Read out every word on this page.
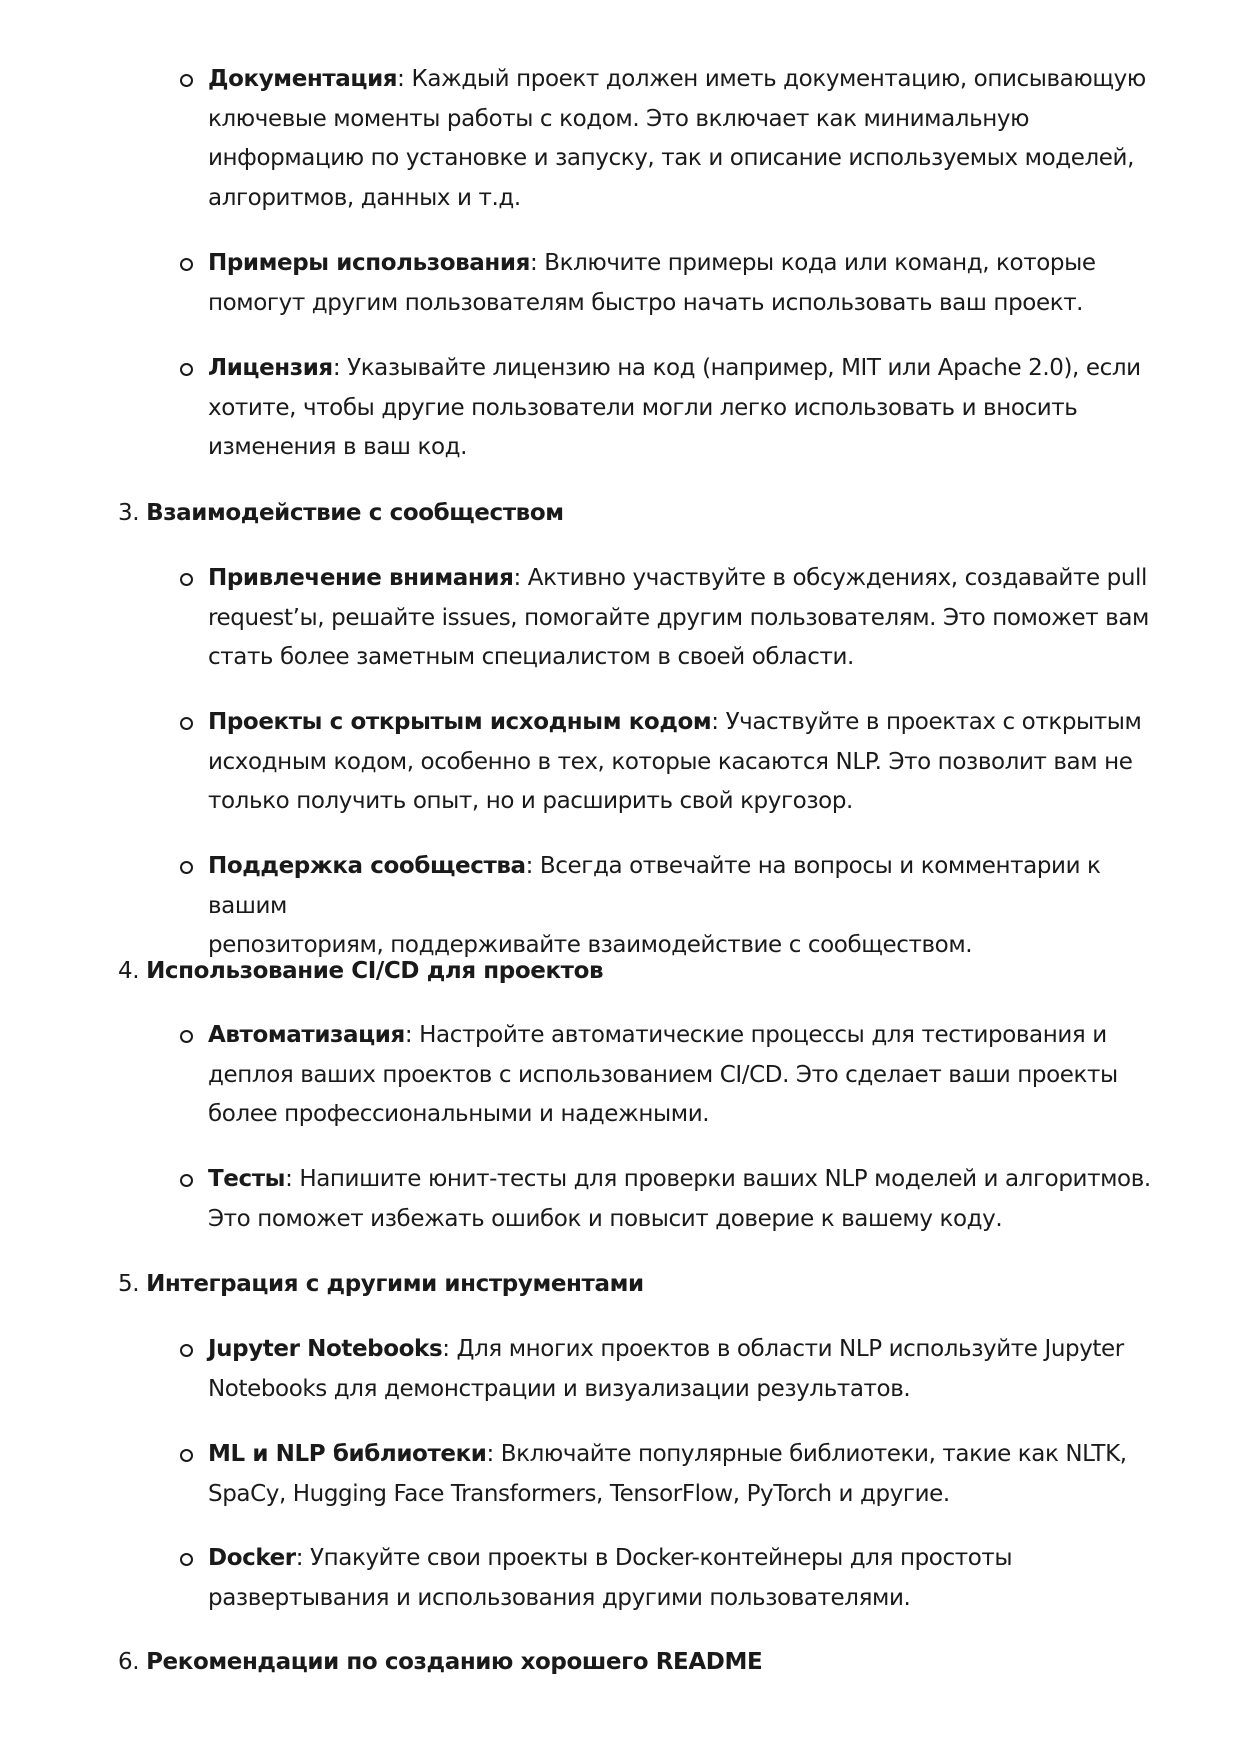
Документация: Каждый проект должен иметь документацию, описывающую
ключевые моменты работы с кодом. Это включает как минимальную
информацию по установке и запуску, так и описание используемых моделей,
алгоритмов, данных и т.д.
Примеры использования: Включите примеры кода или команд, которые
помогут другим пользователям быстро начать использовать ваш проект.
Лицензия: Указывайте лицензию на код (например, MIT или Apache 2.0), если
хотите, чтобы другие пользователи могли легко использовать и вносить
изменения в ваш код.
3. Взаимодействие с сообществом
Привлечение внимания: Активно участвуйте в обсуждениях, создавайте pull
request’ы, решайте issues, помогайте другим пользователям. Это поможет вам
стать более заметным специалистом в своей области.
Проекты с открытым исходным кодом: Участвуйте в проектах с открытым
исходным кодом, особенно в тех, которые касаются NLP. Это позволит вам не
только получить опыт, но и расширить свой кругозор.
Поддержка сообщества: Всегда отвечайте на вопросы и комментарии к вашим
репозиториям, поддерживайте взаимодействие с сообществом.
4. Использование CI/CD для проектов
Автоматизация: Настройте автоматические процессы для тестирования и
деплоя ваших проектов с использованием CI/CD. Это сделает ваши проекты
более профессиональными и надежными.
Тесты: Напишите юнит-тесты для проверки ваших NLP моделей и алгоритмов.
Это поможет избежать ошибок и повысит доверие к вашему коду.
5. Интеграция с другими инструментами
Jupyter Notebooks: Для многих проектов в области NLP используйте Jupyter
Notebooks для демонстрации и визуализации результатов.
ML и NLP библиотеки: Включайте популярные библиотеки, такие как NLTK,
SpaCy, Hugging Face Transformers, TensorFlow, PyTorch и другие.
Docker: Упакуйте свои проекты в Docker-контейнеры для простоты
развертывания и использования другими пользователями.
6. Рекомендации по созданию хорошего README
